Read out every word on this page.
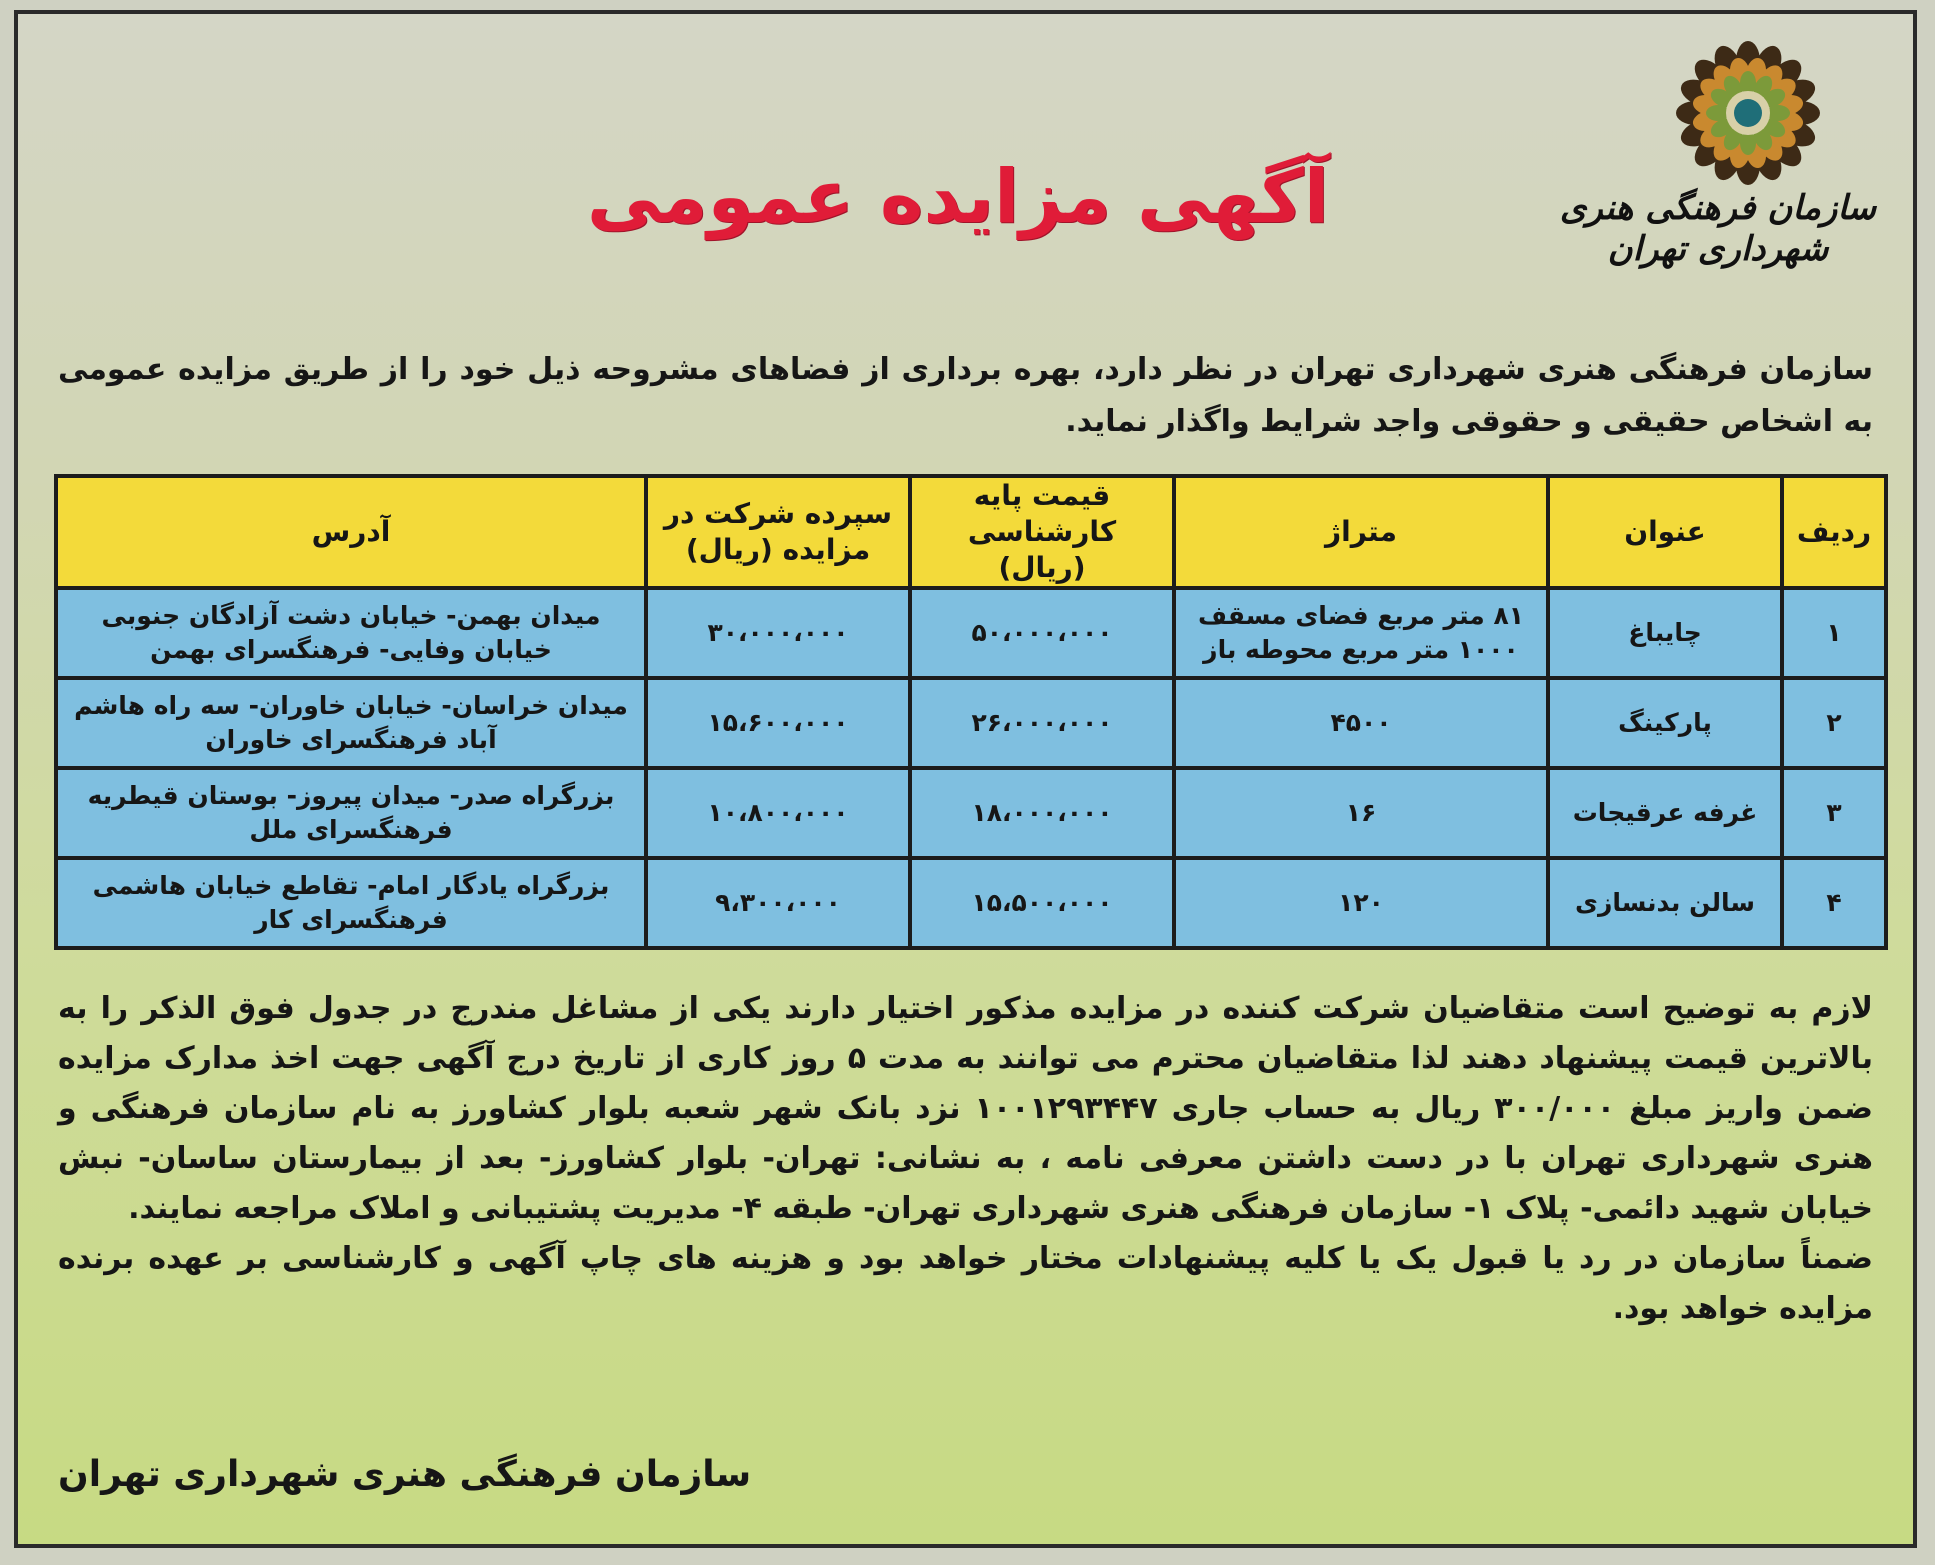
سازمان فرهنگی هنری شهرداری تهران
آگهی مزایده عمومی
سازمان فرهنگی هنری شهرداری تهران در نظر دارد، بهره برداری از فضاهای مشروحه ذیل خود را از طریق مزایده عمومی به اشخاص حقیقی و حقوقی واجد شرایط واگذار نماید.
ردیف	عنوان	متراژ	قیمت پایه کارشناسی (ریال)	سپرده شرکت در مزایده (ریال)	آدرس
۱	چایباغ	۸۱ متر مربع فضای مسقف ۱۰۰۰ متر مربع محوطه باز	۵۰،۰۰۰،۰۰۰	۳۰،۰۰۰،۰۰۰	میدان بهمن- خیابان دشت آزادگان جنوبی خیابان وفایی- فرهنگسرای بهمن
۲	پارکینگ	۴۵۰۰	۲۶،۰۰۰،۰۰۰	۱۵،۶۰۰،۰۰۰	میدان خراسان- خیابان خاوران- سه راه هاشم آباد فرهنگسرای خاوران
۳	غرفه عرقیجات	۱۶	۱۸،۰۰۰،۰۰۰	۱۰،۸۰۰،۰۰۰	بزرگراه صدر- میدان پیروز- بوستان قیطریه فرهنگسرای ملل
۴	سالن بدنسازی	۱۲۰	۱۵،۵۰۰،۰۰۰	۹،۳۰۰،۰۰۰	بزرگراه یادگار امام- تقاطع خیابان هاشمی فرهنگسرای کار

لازم به توضیح است متقاضیان شرکت کننده در مزایده مذکور اختیار دارند یکی از مشاغل مندرج در جدول فوق الذکر را به بالاترین قیمت پیشنهاد دهند لذا متقاضیان محترم می توانند به مدت ۵ روز کاری از تاریخ درج آگهی جهت اخذ مدارک مزایده ضمن واریز مبلغ ۳۰۰/۰۰۰ ریال به حساب جاری ۱۰۰۱۲۹۳۴۴۷ نزد بانک شهر شعبه بلوار کشاورز به نام سازمان فرهنگی و هنری شهرداری تهران با در دست داشتن معرفی نامه ، به نشانی: تهران- بلوار کشاورز- بعد از بیمارستان ساسان- نبش خیابان شهید دائمی- پلاک ۱- سازمان فرهنگی هنری شهرداری تهران- طبقه ۴- مدیریت پشتیبانی و املاک مراجعه نمایند.

ضمناً سازمان در رد یا قبول یک یا کلیه پیشنهادات مختار خواهد بود و هزینه های چاپ آگهی و کارشناسی بر عهده برنده مزایده خواهد بود.

سازمان فرهنگی هنری شهرداری تهران
